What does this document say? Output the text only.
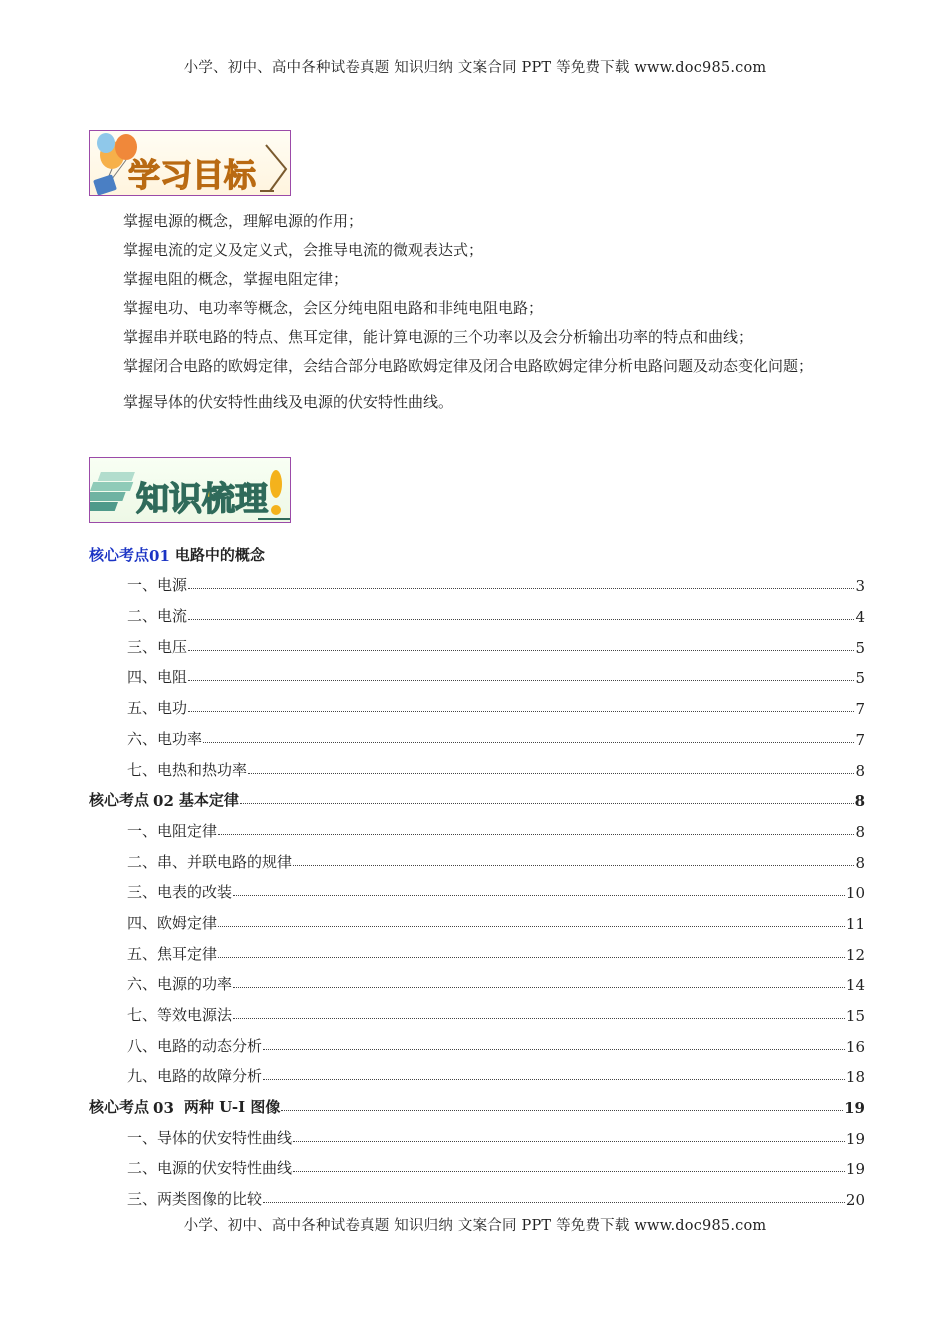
小学、初中、高中各种试卷真题 知识归纳 文案合同 PPT 等免费下载 www.doc985.com
学习目标

掌握电源的概念，理解电源的作用；

掌握电流的定义及定义式，会推导电流的微观表达式；

掌握电阻的概念，掌握电阻定律；

掌握电功、电功率等概念，会区分纯电阻电路和非纯电阻电路；

掌握串并联电路的特点、焦耳定律，能计算电源的三个功率以及会分析输出功率的特点和曲线；

掌握闭合电路的欧姆定律，会结合部分电路欧姆定律及闭合电路欧姆定律分析电路问题及动态变化问题；

掌握导体的伏安特性曲线及电源的伏安特性曲线。

知识梳理
核心考点 01 电路中的概念
一、电源	3
二、电流	4
三、电压	5
四、电阻	5
五、电功	7
六、电功率	7
七、电热和热功率	8
核心考点 02 基本定律	8
一、电阻定律	8
二、串、并联电路的规律	8
三、电表的改装	10
四、欧姆定律	11
五、焦耳定律	12
六、电源的功率	14
七、等效电源法	15
八、电路的动态分析	16
九、电路的故障分析	18
核心考点 03 两种 U-I 图像	19
一、导体的伏安特性曲线	19
二、电源的伏安特性曲线	19
三、两类图像的比较	20
小学、初中、高中各种试卷真题 知识归纳 文案合同 PPT 等免费下载 www.doc985.com
